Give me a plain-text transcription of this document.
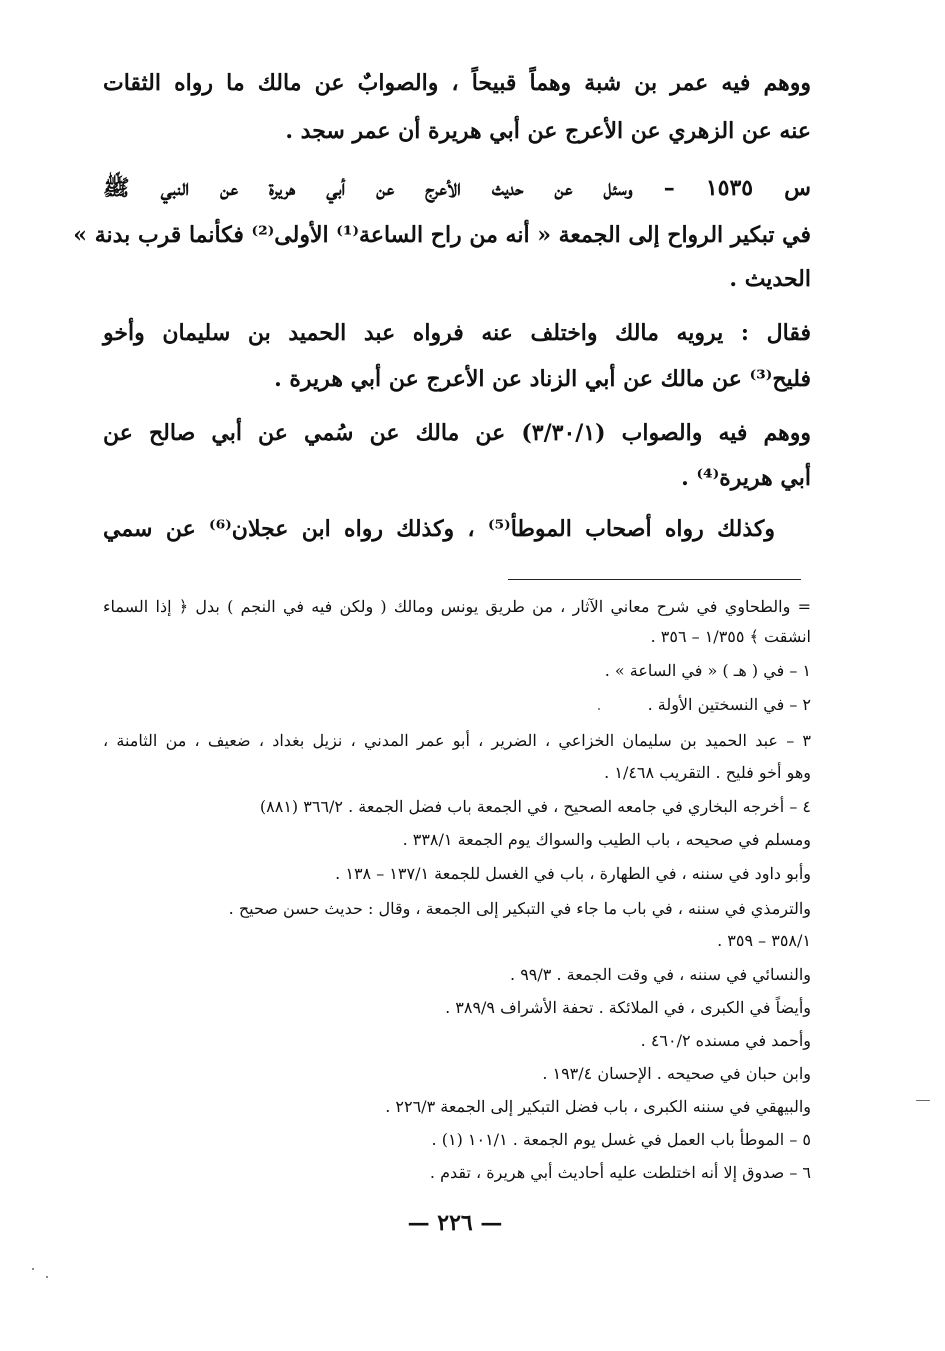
ووهم فيه عمر بن شبة وهماً قبيحاً ، والصوابٌ عن مالك ما رواه الثقات
عنه عن الزهري عن الأعرج عن أبي هريرة أن عمر سجد .
س ١٥٣٥ – وسئل عن حديث الأعرج عن أبي هريرة عن النبي ﷺ
في تبكير الرواح إلى الجمعة « أنه من راح الساعة⁽¹⁾ الأولى⁽²⁾ فكأنما قرب بدنة »
الحديث .
فقال : يرويه مالك واختلف عنه فرواه عبد الحميد بن سليمان وأخو
فليح⁽³⁾ عن مالك عن أبي الزناد عن الأعرج عن أبي هريرة .
ووهم فيه والصواب (٣/٣٠/١) عن مالك عن سُمي عن أبي صالح عن
أبي هريرة⁽⁴⁾ .
وكذلك رواه أصحاب الموطأ⁽⁵⁾ ، وكذلك رواه ابن عجلان⁽⁶⁾ عن سمي
= والطحاوي في شرح معاني الآثار ، من طريق يونس ومالك ( ولكن فيه في النجم ) بدل ﴿ إذا السماء
انشقت ﴾ ١/٣٥٥ – ٣٥٦ .
١ – في ( هـ ) « في الساعة » .
٢ – في النسختين الأولة .
٣ – عبد الحميد بن سليمان الخزاعي ، الضرير ، أبو عمر المدني ، نزيل بغداد ، ضعيف ، من الثامنة ،
وهو أخو فليح . التقريب ١/٤٦٨ .
٤ – أخرجه البخاري في جامعه الصحيح ، في الجمعة باب فضل الجمعة . ٣٦٦/٢ (٨٨١)
ومسلم في صحيحه ، باب الطيب والسواك يوم الجمعة ٣٣٨/١ .
وأبو داود في سننه ، في الطهارة ، باب في الغسل للجمعة ١٣٧/١ – ١٣٨ .
والترمذي في سننه ، في باب ما جاء في التبكير إلى الجمعة ، وقال : حديث حسن صحيح .
٣٥٨/١ – ٣٥٩ .
والنسائي في سننه ، في وقت الجمعة . ٩٩/٣ .
وأيضاً في الكبرى ، في الملائكة . تحفة الأشراف ٣٨٩/٩ .
وأحمد في مسنده ٤٦٠/٢ .
وابن حبان في صحيحه . الإحسان ١٩٣/٤ .
والبيهقي في سننه الكبرى ، باب فضل التبكير إلى الجمعة ٢٢٦/٣ .
٥ – الموطأ باب العمل في غسل يوم الجمعة . ١٠١/١ (١) .
٦ – صدوق إلا أنه اختلطت عليه أحاديث أبي هريرة ، تقدم .
— ٢٢٦ —
